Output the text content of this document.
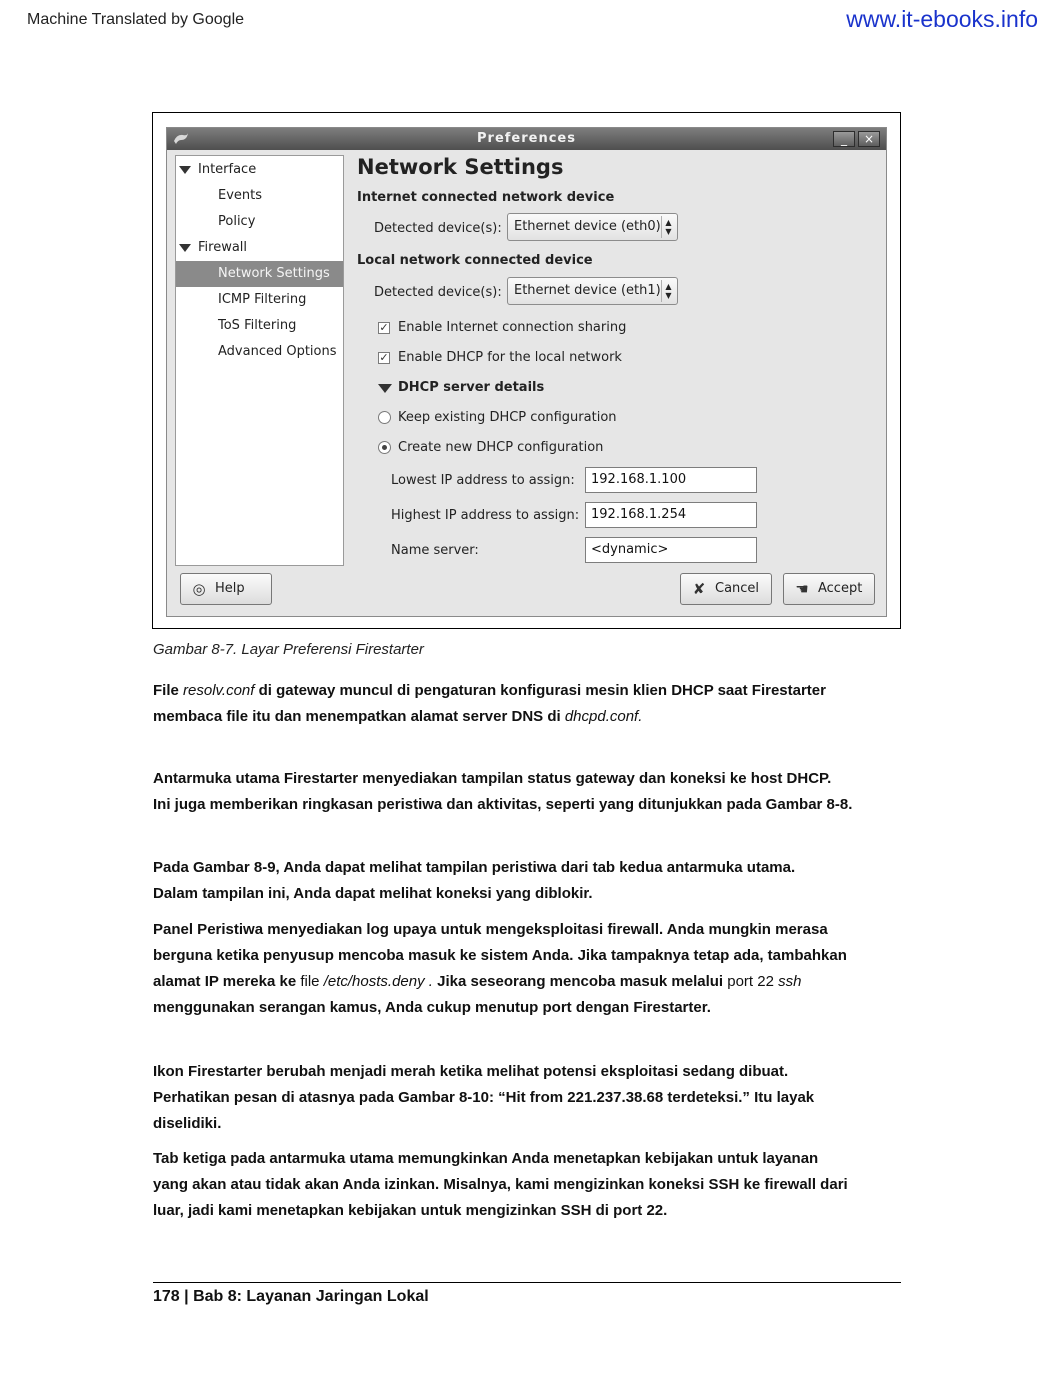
Machine Translated by Google	www.it-ebooks.info
Preferences	_	×
Interface
Events
Policy
Firewall
Network Settings
ICMP Filtering
ToS Filtering
Advanced Options
Network Settings
Internet connected network device
Detected device(s): Ethernet device (eth0) ▲
▼
Local network connected device
Detected device(s): Ethernet device (eth1) ▲
▼
✓ Enable Internet connection sharing
✓ Enable DHCP for the local network
DHCP server details
Keep existing DHCP configuration
Create new DHCP configuration
Lowest IP address to assign:	192.168.1.100
Highest IP address to assign: 192.168.1.254
Name server:	<dynamic>
◎ Help	✘ Cancel ☚ Accept
Gambar 8-7. Layar Preferensi Firestarter
File resolv.conf di gateway muncul di pengaturan konfigurasi mesin klien DHCP saat Firestarter
membaca file itu dan menempatkan alamat server DNS di dhcpd.conf.
Antarmuka utama Firestarter menyediakan tampilan status gateway dan koneksi ke host DHCP.
Ini juga memberikan ringkasan peristiwa dan aktivitas, seperti yang ditunjukkan pada Gambar 8-8.
Pada Gambar 8-9, Anda dapat melihat tampilan peristiwa dari tab kedua antarmuka utama.
Dalam tampilan ini, Anda dapat melihat koneksi yang diblokir.
Panel Peristiwa menyediakan log upaya untuk mengeksploitasi firewall. Anda mungkin merasa
berguna ketika penyusup mencoba masuk ke sistem Anda. Jika tampaknya tetap ada, tambahkan
alamat IP mereka ke file /etc/hosts.deny . Jika seseorang mencoba masuk melalui port 22 ssh
menggunakan serangan kamus, Anda cukup menutup port dengan Firestarter.
Ikon Firestarter berubah menjadi merah ketika melihat potensi eksploitasi sedang dibuat.
Perhatikan pesan di atasnya pada Gambar 8-10: “Hit from 221.237.38.68 terdeteksi.” Itu layak
diselidiki.
Tab ketiga pada antarmuka utama memungkinkan Anda menetapkan kebijakan untuk layanan
yang akan atau tidak akan Anda izinkan. Misalnya, kami mengizinkan koneksi SSH ke firewall dari
luar, jadi kami menetapkan kebijakan untuk mengizinkan SSH di port 22.
178 | Bab 8: Layanan Jaringan Lokal
